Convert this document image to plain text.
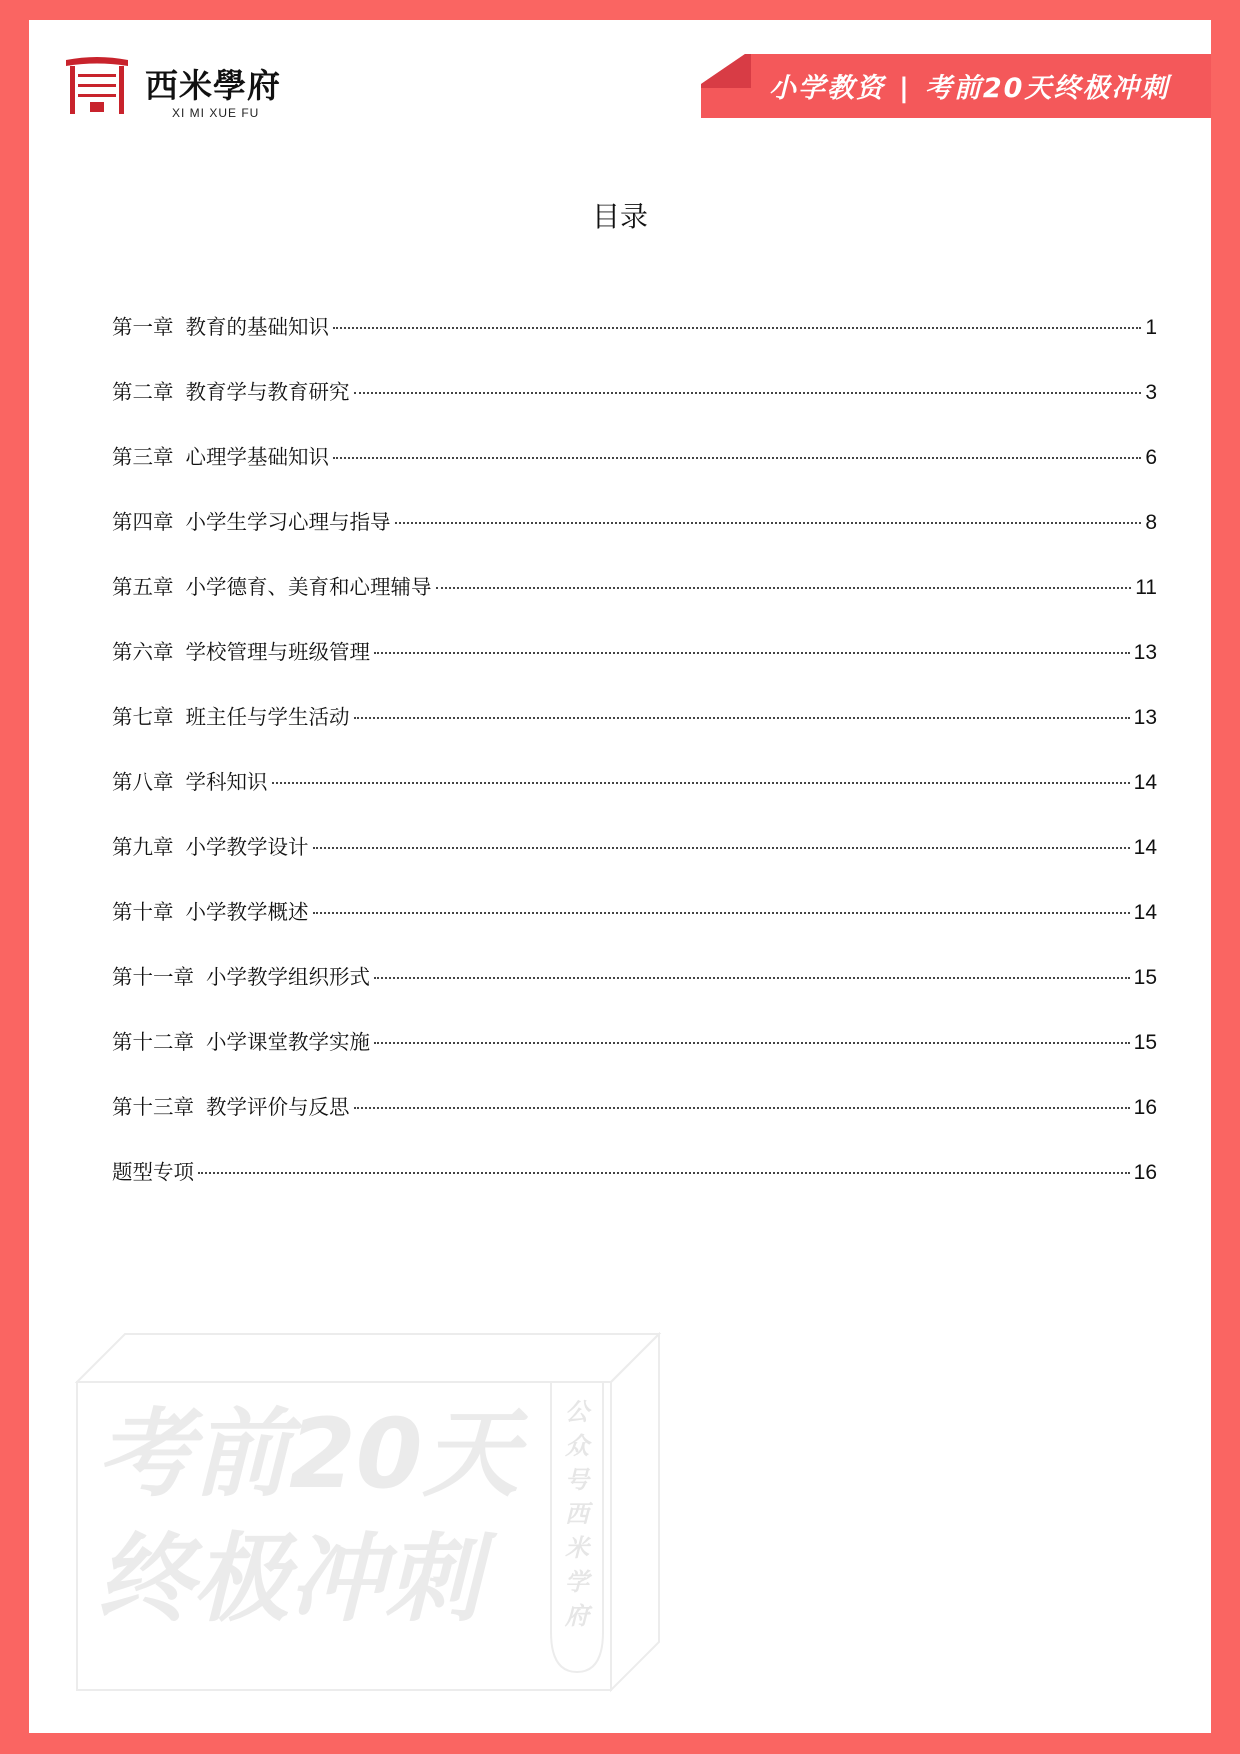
西米學府
XI MI XUE FU
小学教资 | 考前20天终极冲刺
目录
第一章 教育的基础知识	1
第二章 教育学与教育研究	3
第三章 心理学基础知识	6
第四章 小学生学习心理与指导	8
第五章 小学德育、美育和心理辅导	11
第六章 学校管理与班级管理	13
第七章 班主任与学生活动	13
第八章 学科知识	14
第九章 小学教学设计	14
第十章 小学教学概述	14
第十一章 小学教学组织形式	15
第十二章 小学课堂教学实施	15
第十三章 教学评价与反思	16
题型专项	16
考前20天
终极冲刺
公
众
号
西
米
学
府
